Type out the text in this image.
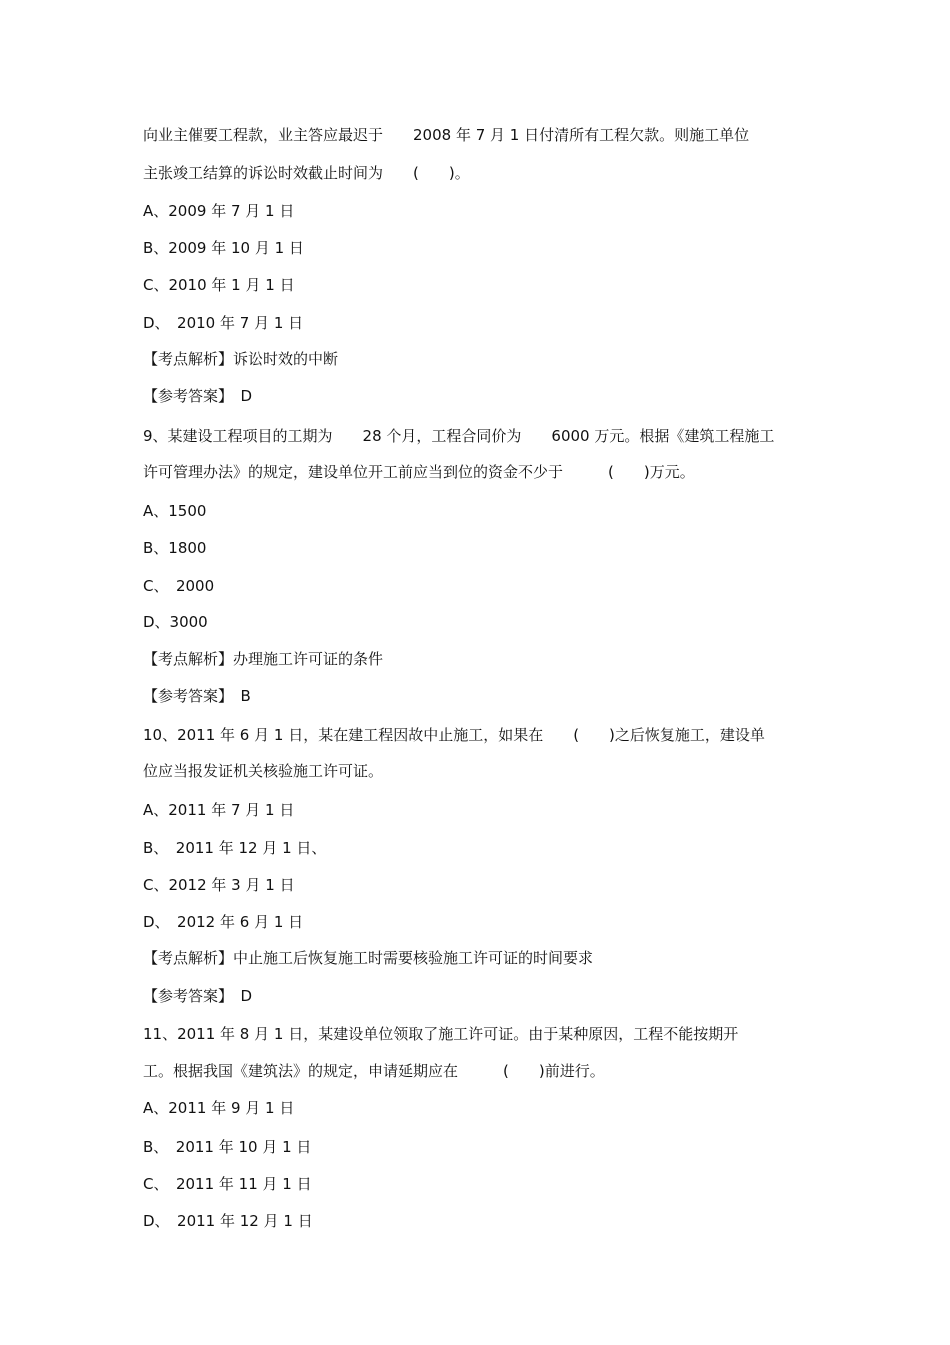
向业主催要工程款，业主答应最迟于　　2008 年 7 月 1 日付清所有工程欠款。则施工单位
主张竣工结算的诉讼时效截止时间为　　(　　)。
A、2009 年 7 月 1 日
B、2009 年 10 月 1 日
C、2010 年 1 月 1 日
D、　2010 年 7 月 1 日
【考点解析】诉讼时效的中断
【参考答案】　D
9、某建设工程项目的工期为　　28 个月，工程合同价为　　6000 万元。根据《建筑工程施工
许可管理办法》的规定，建设单位开工前应当到位的资金不少于　　　(　　)万元。
A、1500
B、1800
C、　2000
D、3000
【考点解析】办理施工许可证的条件
【参考答案】　B
10、2011 年 6 月 1 日，某在建工程因故中止施工，如果在　　(　　)之后恢复施工，建设单
位应当报发证机关核验施工许可证。
A、2011 年 7 月 1 日
B、　2011 年 12 月 1 日、
C、2012 年 3 月 1 日
D、　2012 年 6 月 1 日
【考点解析】中止施工后恢复施工时需要核验施工许可证的时间要求
【参考答案】　D
11、2011 年 8 月 1 日，某建设单位领取了施工许可证。由于某种原因，工程不能按期开
工。根据我国《建筑法》的规定，申请延期应在　　　(　　)前进行。
A、2011 年 9 月 1 日
B、　2011 年 10 月 1 日
C、　2011 年 11 月 1 日
D、　2011 年 12 月 1 日
